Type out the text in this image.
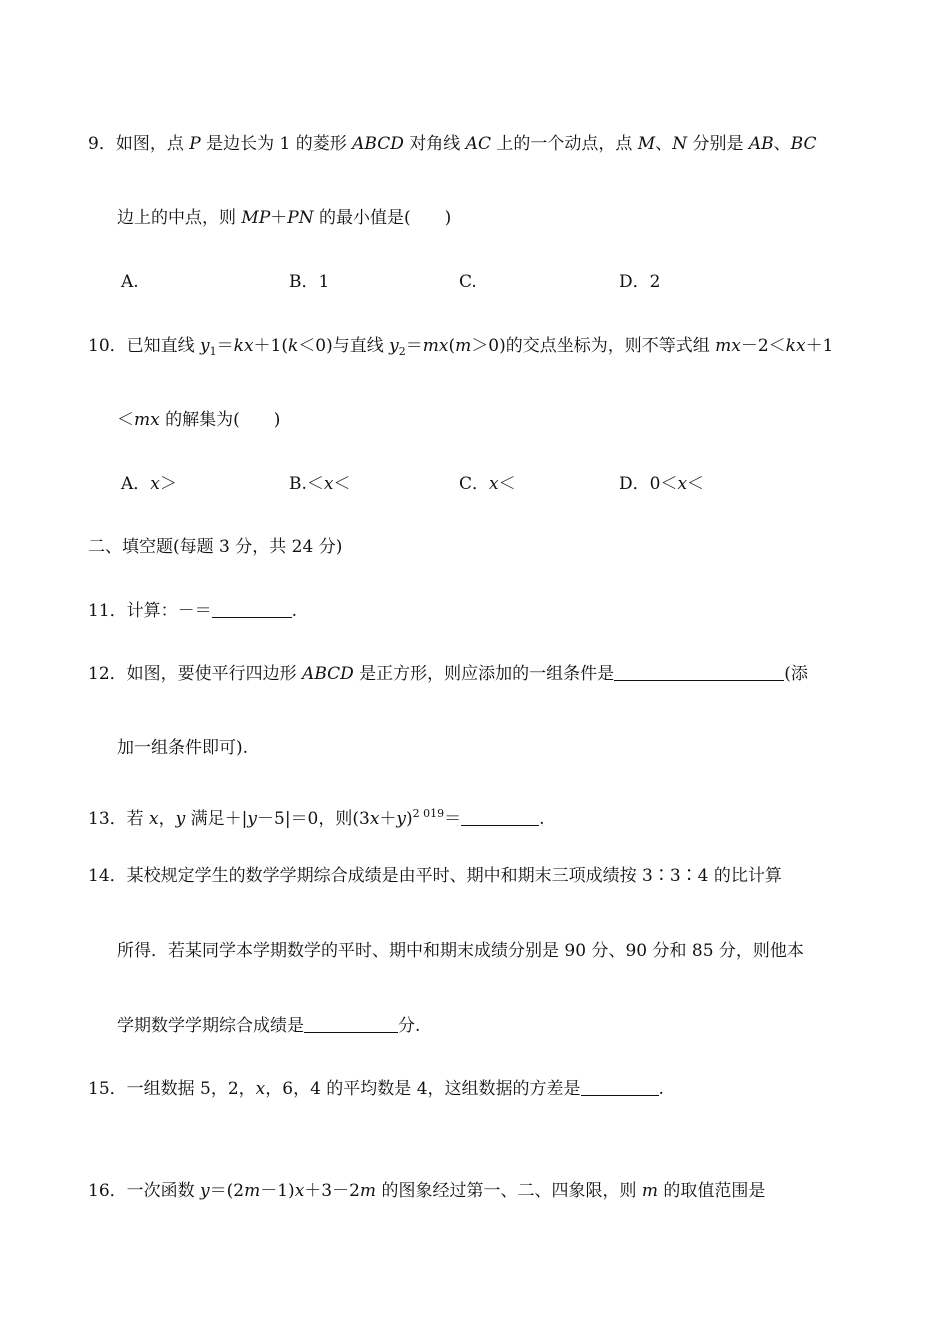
9．如图，点 P 是边长为 1 的菱形 ABCD 对角线 AC 上的一个动点，点 M、N 分别是 AB、BC
边上的中点，则 MP＋PN 的最小值是(　　)
A.	B．1	C.	D．2
10．已知直线 $y_1=kx+1(k<0)$与直线 $y_2=mx(m>0)$的交点坐标为，则不等式组 mx－2＜kx＋1
＜mx 的解集为(　　)
A．x＞	B.＜x＜	C．x＜	D．0＜x＜
二、填空题(每题 3 分，共 24 分)
11．计算：－＝	.
12．如图，要使平行四边形 ABCD 是正方形，则应添加的一组条件是	(添
加一组条件即可).
13．若 x，y 满足＋|y－5|＝0，则$(3x+y)^{2 019}=$	.
14．某校规定学生的数学学期综合成绩是由平时、期中和期末三项成绩按 3∶3∶4 的比计算
所得．若某同学本学期数学的平时、期中和期末成绩分别是 90 分、90 分和 85 分，则他本
学期数学学期综合成绩是	分.
15．一组数据 5，2，x，6，4 的平均数是 4，这组数据的方差是	.
16．一次函数 y＝(2m－1)x＋3－2m 的图象经过第一、二、四象限，则 m 的取值范围是
